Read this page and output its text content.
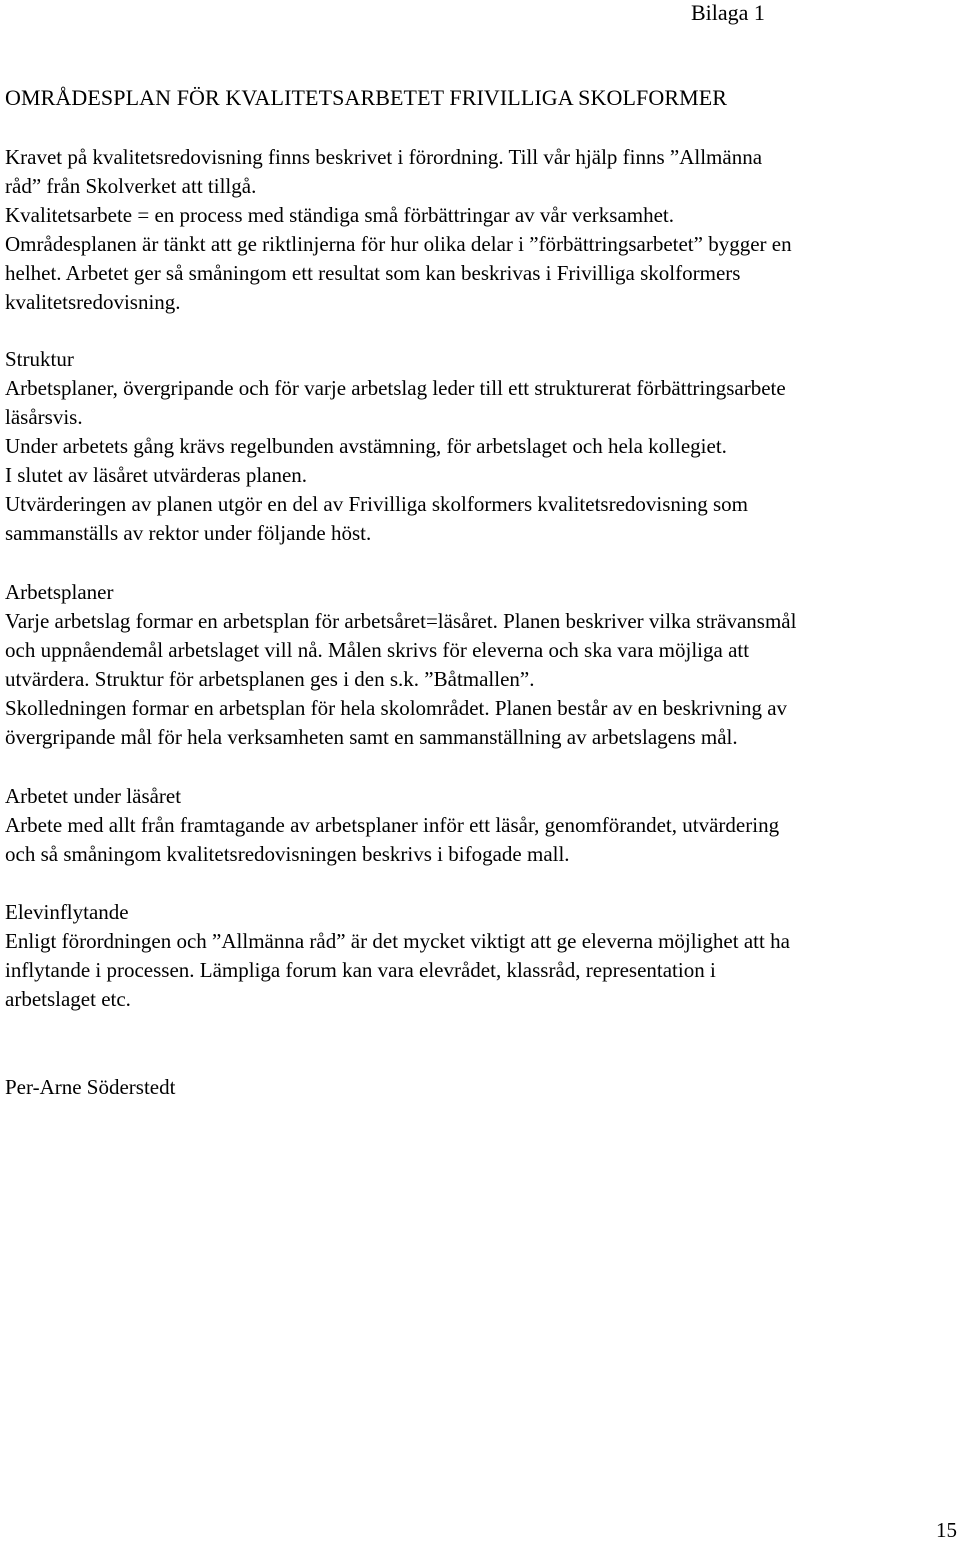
Bilaga 1
OMRÅDESPLAN FÖR KVALITETSARBETET FRIVILLIGA SKOLFORMER
Kravet på kvalitetsredovisning finns beskrivet i förordning. Till vår hjälp finns ”Allmänna
råd” från Skolverket att tillgå.
Kvalitetsarbete = en process med ständiga små förbättringar av vår verksamhet.
Områdesplanen är tänkt att ge riktlinjerna för hur olika delar i ”förbättringsarbetet” bygger en
helhet. Arbetet ger så småningom ett resultat som kan beskrivas i Frivilliga skolformers
kvalitetsredovisning.
Struktur
Arbetsplaner, övergripande och för varje arbetslag leder till ett strukturerat förbättringsarbete
läsårsvis.
Under arbetets gång krävs regelbunden avstämning, för arbetslaget och hela kollegiet.
I slutet av läsåret utvärderas planen.
Utvärderingen av planen utgör en del av Frivilliga skolformers kvalitetsredovisning som
sammanställs av rektor under följande höst.
Arbetsplaner
Varje arbetslag formar en arbetsplan för arbetsåret=läsåret. Planen beskriver vilka strävansmål
och uppnåendemål arbetslaget vill nå. Målen skrivs för eleverna och ska vara möjliga att
utvärdera. Struktur för arbetsplanen ges i den s.k. ”Båtmallen”.
Skolledningen formar en arbetsplan för hela skolområdet. Planen består av en beskrivning av
övergripande mål för hela verksamheten samt en sammanställning av arbetslagens mål.
Arbetet under läsåret
Arbete med allt från framtagande av arbetsplaner inför ett läsår, genomförandet, utvärdering
och så småningom kvalitetsredovisningen beskrivs i bifogade mall.
Elevinflytande
Enligt förordningen och ”Allmänna råd” är det mycket viktigt att ge eleverna möjlighet att ha
inflytande i processen. Lämpliga forum kan vara elevrådet, klassråd, representation i
arbetslaget etc.
Per-Arne Söderstedt
15
